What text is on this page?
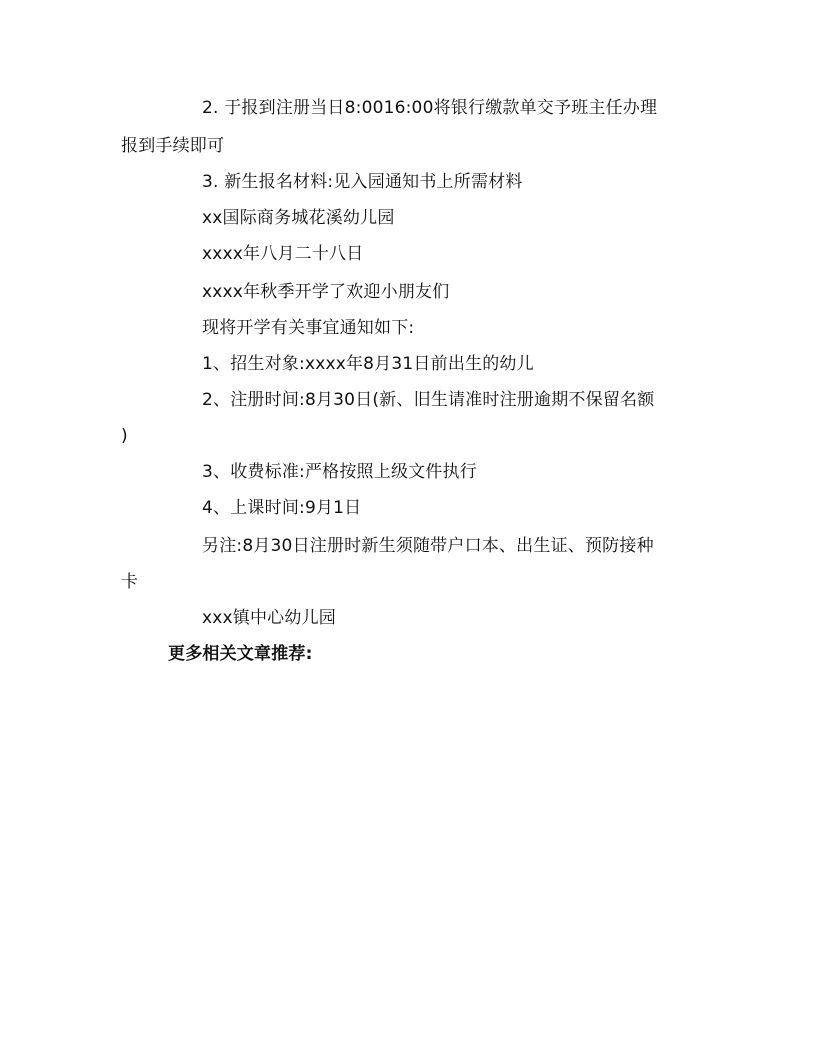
2. 于报到注册当日8:0016:00将银行缴款单交予班主任办理
报到手续即可
3. 新生报名材料:见入园通知书上所需材料
xx国际商务城花溪幼儿园
xxxx年八月二十八日
xxxx年秋季开学了欢迎小朋友们
现将开学有关事宜通知如下:
1、招生对象:xxxx年8月31日前出生的幼儿
2、注册时间:8月30日(新、旧生请准时注册逾期不保留名额
)
3、收费标准:严格按照上级文件执行
4、上课时间:9月1日
另注:8月30日注册时新生须随带户口本、出生证、预防接种
卡
xxx镇中心幼儿园
更多相关文章推荐:
